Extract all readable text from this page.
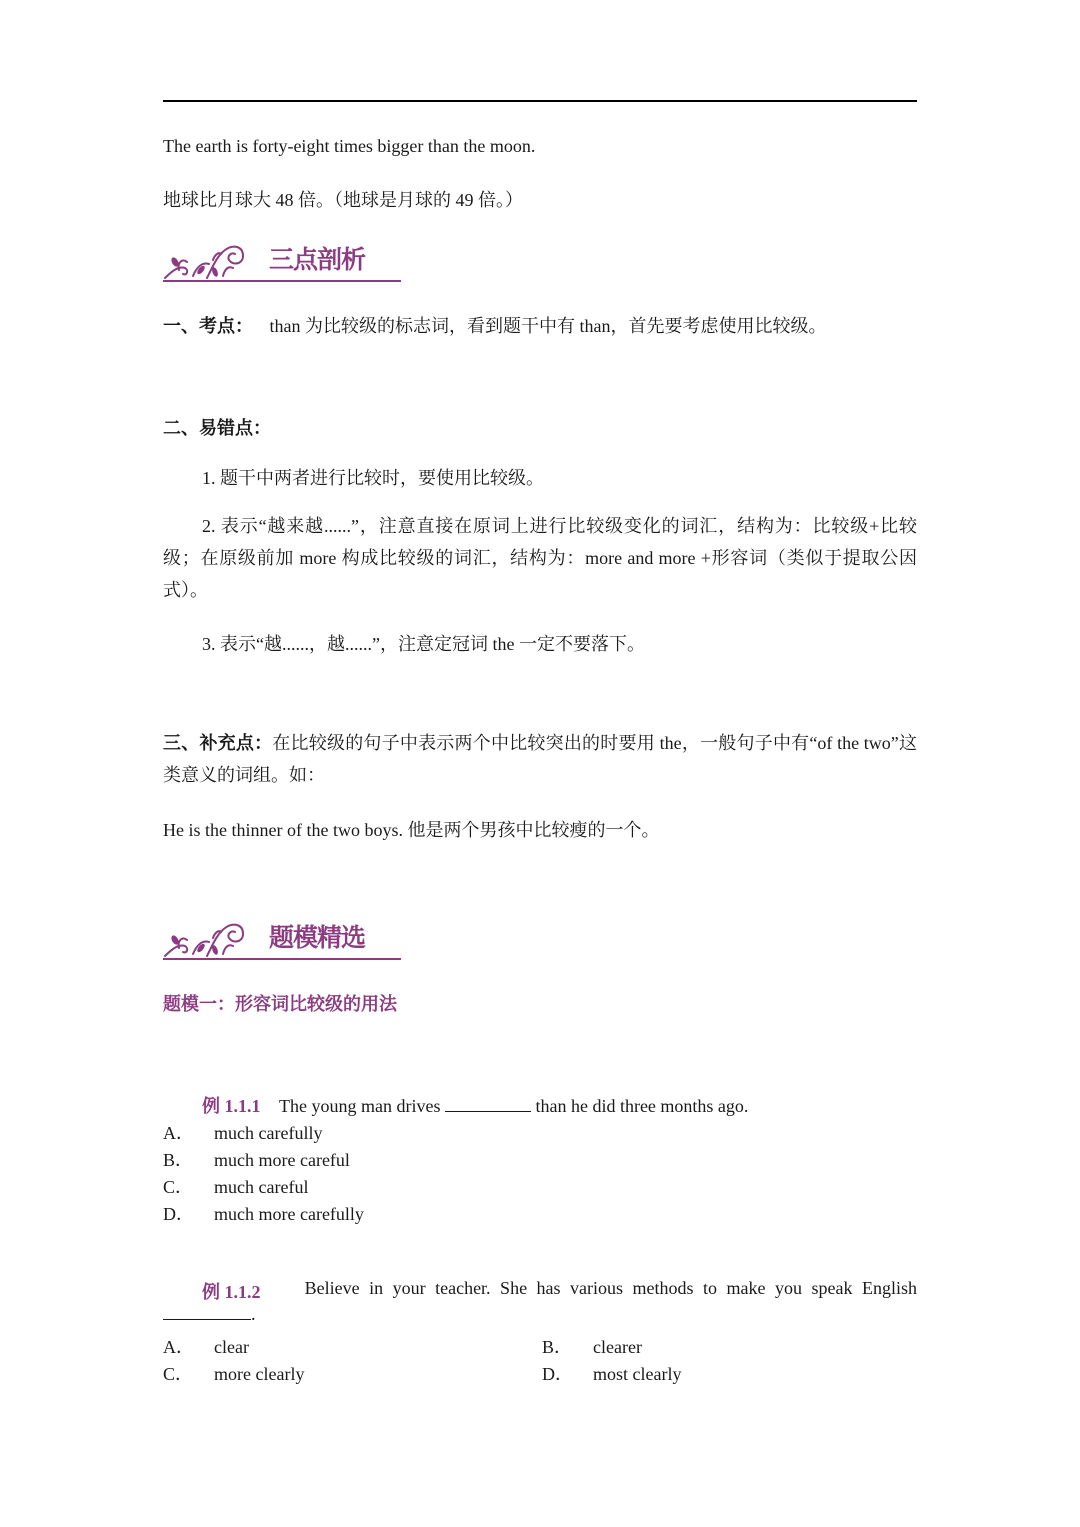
The earth is forty-eight times bigger than the moon.
地球比月球大 48 倍。（地球是月球的 49 倍。）
三点剖析
一、考点： than 为比较级的标志词，看到题干中有 than，首先要考虑使用比较级。
二、易错点：
1. 题干中两者进行比较时，要使用比较级。
2. 表示“越来越......”，注意直接在原词上进行比较级变化的词汇，结构为：比较级+比较级；在原级前加 more 构成比较级的词汇，结构为：more and more +形容词（类似于提取公因式）。
3. 表示“越......，越......”，注意定冠词 the 一定不要落下。
三、补充点：在比较级的句子中表示两个中比较突出的时要用 the，一般句子中有“of the two”这类意义的词组。如：
He is the thinner of the two boys. 他是两个男孩中比较瘦的一个。
题模精选
题模一：形容词比较级的用法
例 1.1.1 The young man drives	than he did three months ago.
A． much carefully
B． much more careful
C． much careful
D． much more carefully
例 1.1.2 Believe in your teacher. She has various methods to make you speak English
.
A． clear	B． clearer
C． more clearly	D． most clearly
